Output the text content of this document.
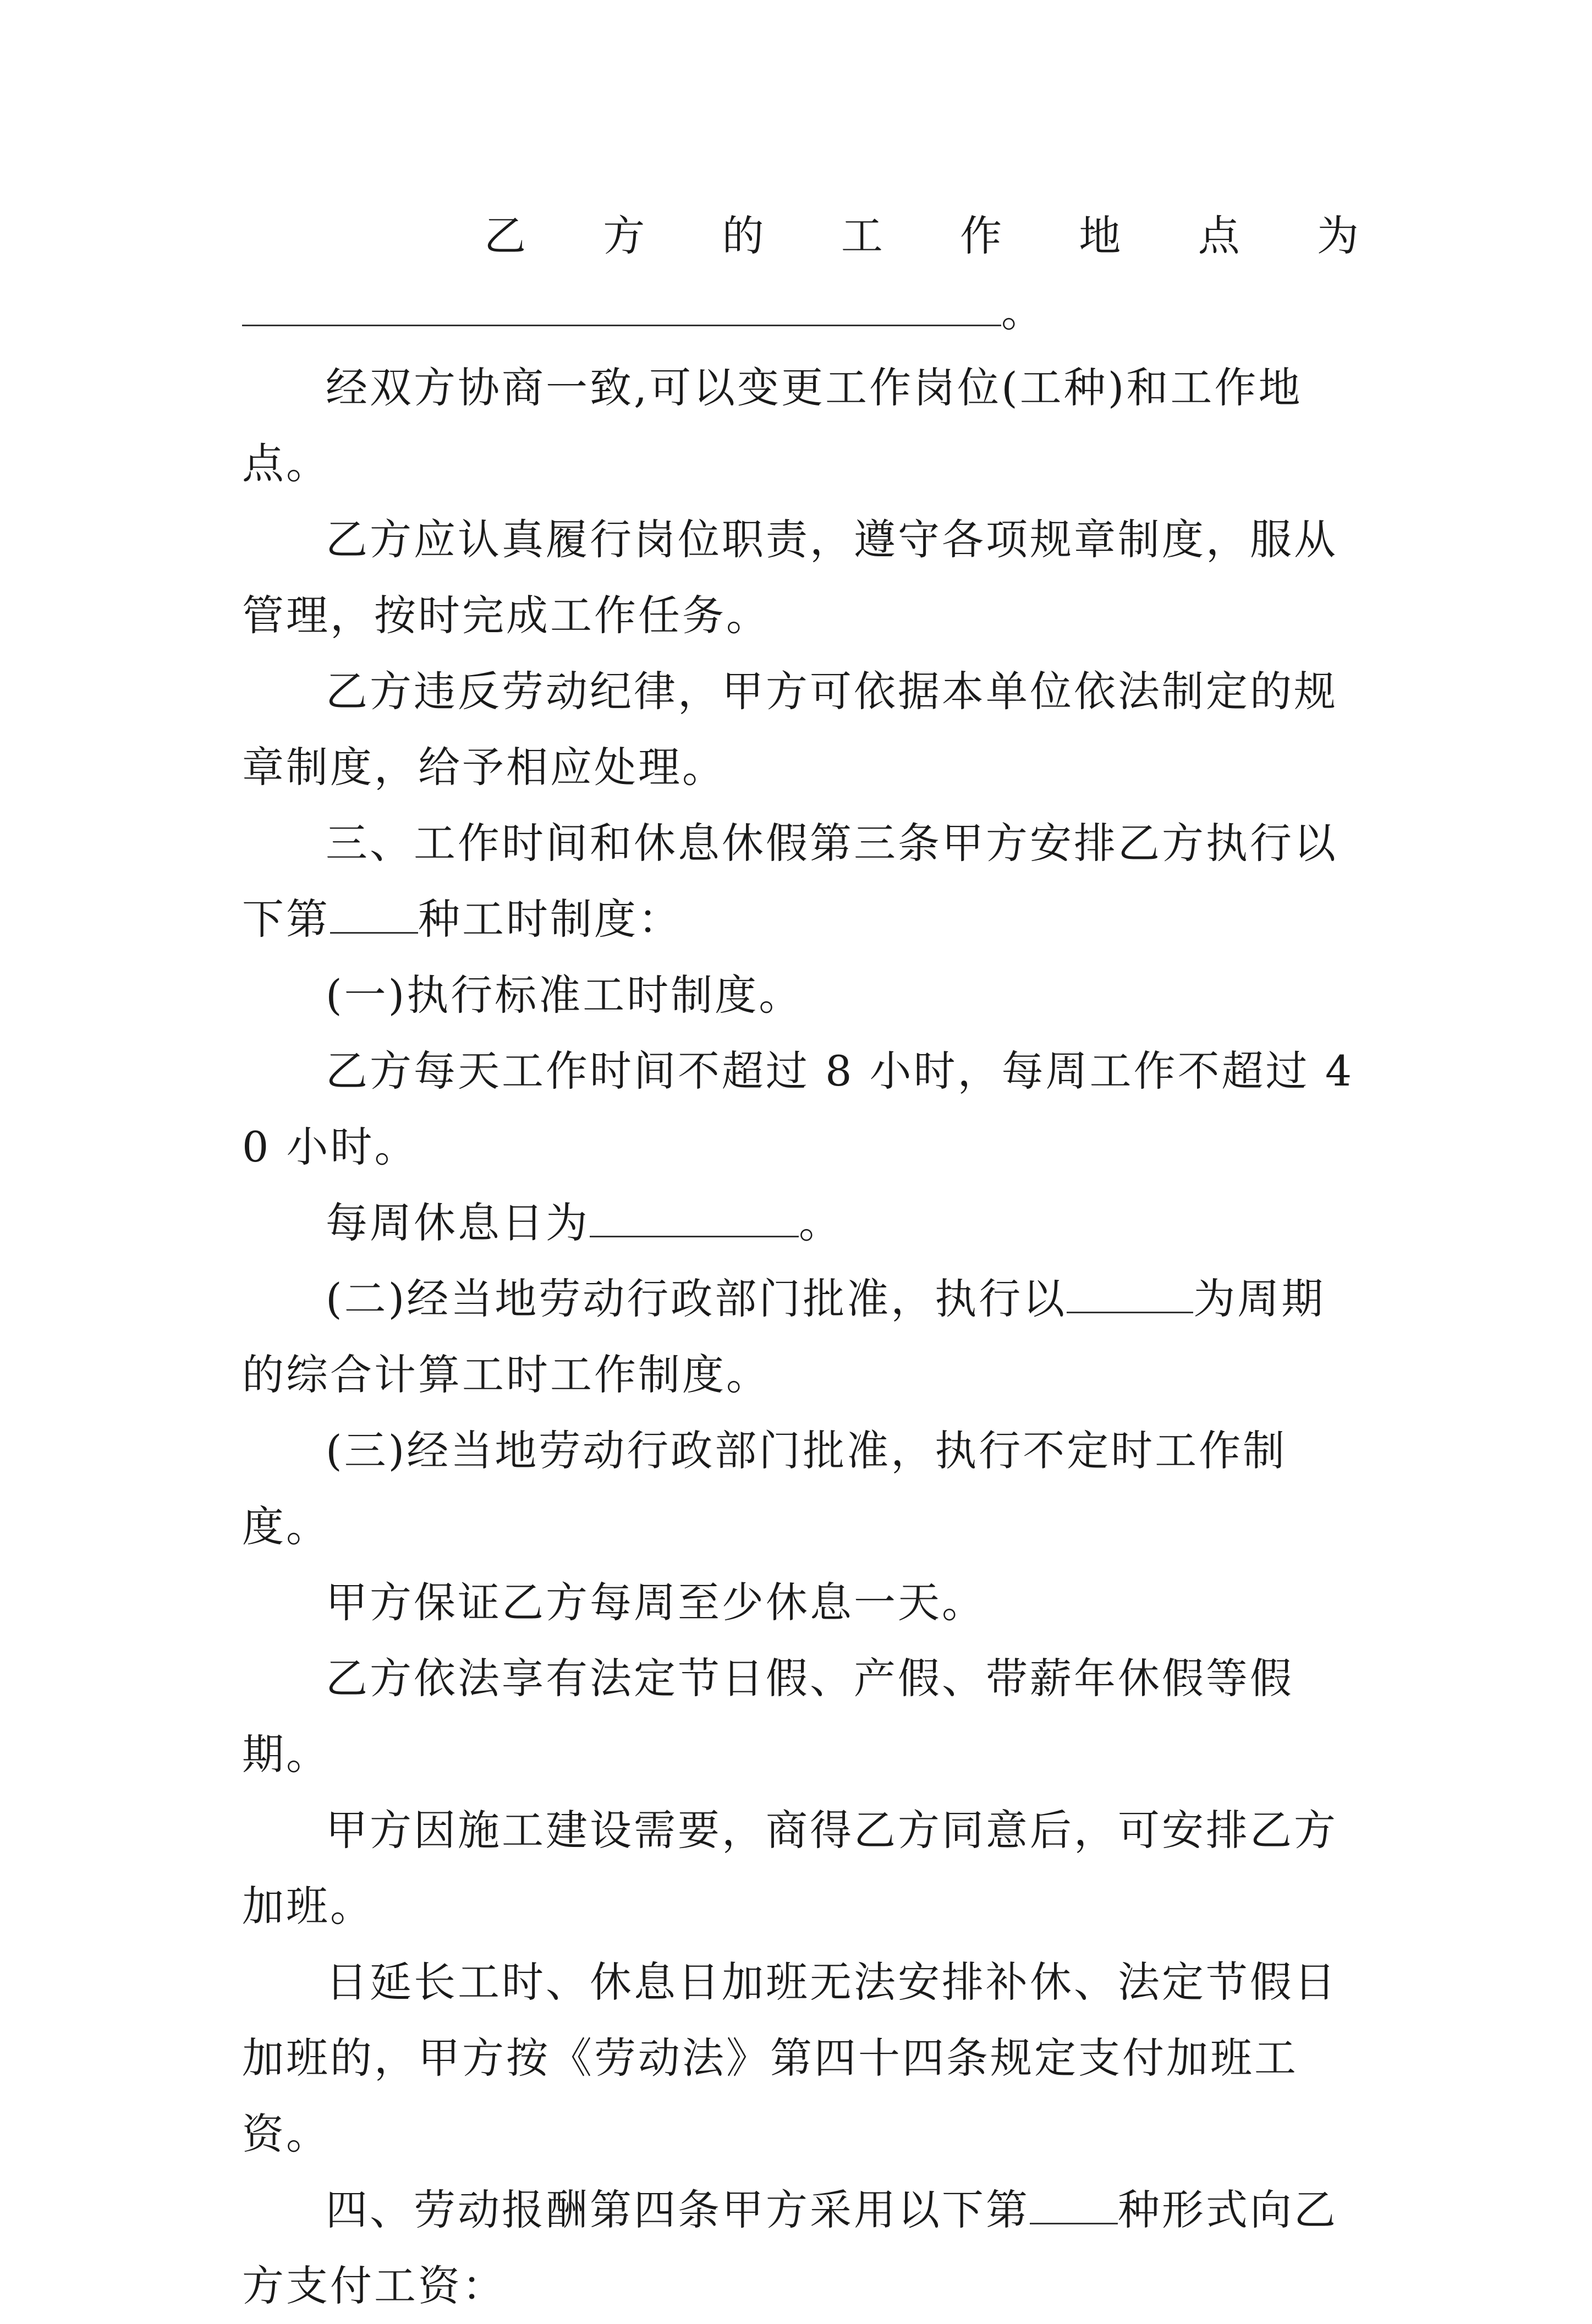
乙 方 的 工 作 地 点 为

。

经双方协商一致,可以变更工作岗位(工种)和工作地点。

乙方应认真履行岗位职责，遵守各项规章制度，服从管理，按时完成工作任务。

乙方违反劳动纪律，甲方可依据本单位依法制定的规章制度，给予相应处理。

三、工作时间和休息休假第三条甲方安排乙方执行以下第 种工时制度：

(一)执行标准工时制度。

乙方每天工作时间不超过 8 小时，每周工作不超过 40 小时。

每周休息日为	。

(二)经当地劳动行政部门批准，执行以	为周期的综合计算工时工作制度。

(三)经当地劳动行政部门批准，执行不定时工作制度。

甲方保证乙方每周至少休息一天。

乙方依法享有法定节日假、产假、带薪年休假等假期。

甲方因施工建设需要，商得乙方同意后，可安排乙方加班。

日延长工时、休息日加班无法安排补休、法定节假日加班的，甲方按《劳动法》第四十四条规定支付加班工资。

四、劳动报酬第四条甲方采用以下第 种形式向乙方支付工资：
